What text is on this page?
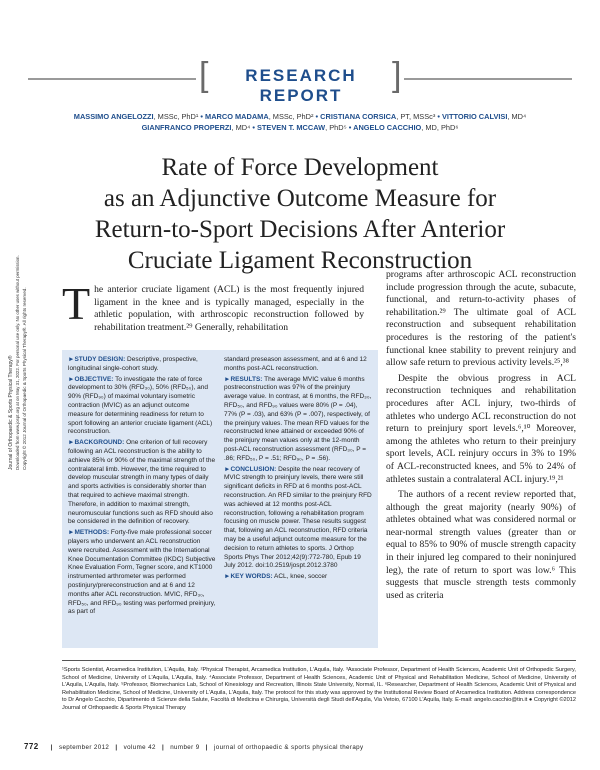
[	RESEARCH REPORT
]
MASSIMO ANGELOZZI, MSSc, PhD¹ • MARCO MADAMA, MSSc, PhD² • CRISTIANA CORSICA, PT, MSSc³ • VITTORIO CALVISI, MD⁴
GIANFRANCO PROPERZI, MD⁴ • STEVEN T. MCCAW, PhD⁵ • ANGELO CACCHIO, MD, PhD⁶
Rate of Force Development
as an Adjunctive Outcome Measure for
Return-to-Sport Decisions After Anterior
Cruciate Ligament Reconstruction
Journal of Orthopaedic & Sports Physical Therapy® Downloaded from www.jospt.org at on May 31, 2022. For personal use only. No other uses without permission. Copyright © 2012 Journal of Orthopaedic & Sports Physical Therapy®. All rights reserved. The anterior cruciate ligament (ACL) is the most frequently injured ligament in the knee and is typically managed, especially in the athletic population, with arthroscopic reconstruction followed by rehabilitation treatment.²⁹ Generally, rehabilitation

programs after arthroscopic ACL reconstruction include progression through the acute, subacute, functional, and return-to-activity phases of rehabilitation.²⁹ The ultimate goal of ACL reconstruction and subsequent rehabilitation procedures is the restoring of the patient's functional knee stability to prevent reinjury and allow safe return to previous activity levels.²⁵,³⁸

Despite the obvious progress in ACL reconstruction techniques and rehabilitation procedures after ACL injury, two-thirds of athletes who undergo ACL reconstruction do not return to preinjury sport levels.⁶,¹⁰ Moreover, among the athletes who return to their preinjury sport levels, ACL reinjury occurs in 3% to 19% of ACL-reconstructed knees, and 5% to 24% of athletes sustain a contralateral ACL injury.¹⁹,²¹

The authors of a recent review reported that, although the great majority (nearly 90%) of athletes obtained what was considered normal or near-normal strength values (greater than or equal to 85% to 90% of muscle strength capacity in their injured leg compared to their noninjured leg), the rate of return to sport was low.⁶ This suggests that muscle strength tests commonly used as criteria

►STUDY DESIGN: Descriptive, prospective, longitudinal single-cohort study.

►OBJECTIVE: To investigate the rate of force development to 30% (RFD₃₀), 50% (RFD₅₀), and 90% (RFD₉₀) of maximal voluntary isometric contraction (MVIC) as an adjunct outcome measure for determining readiness for return to sport following an anterior cruciate ligament (ACL) reconstruction.

►BACKGROUND: One criterion of full recovery following an ACL reconstruction is the ability to achieve 85% or 90% of the maximal strength of the contralateral limb. However, the time required to develop muscular strength in many types of daily and sports activities is considerably shorter than that required to achieve maximal strength. Therefore, in addition to maximal strength, neuromuscular functions such as RFD should also be considered in the definition of recovery.

►METHODS: Forty-five male professional soccer players who underwent an ACL reconstruction were recruited. Assessment with the International Knee Documentation Committee (IKDC) Subjective Knee Evaluation Form, Tegner score, and KT1000 instrumented arthrometer was performed postinjury/prereconstruction and at 6 and 12 months after ACL reconstruction. MVIC, RFD₃₀, RFD₅₀, and RFD₉₀ testing was performed preinjury, as part of

standard preseason assessment, and at 6 and 12 months post-ACL reconstruction.

►RESULTS: The average MVIC value 6 months postreconstruction was 97% of the preinjury average value. In contrast, at 6 months, the RFD₃₀, RFD₅₀, and RFD₉₀ values were 80% (P = .04), 77% (P = .03), and 63% (P = .007), respectively, of the preinjury values. The mean RFD values for the reconstructed knee attained or exceeded 90% of the preinjury mean values only at the 12-month post-ACL reconstruction assessment (RFD₃₀, P = .86; RFD₅₀, P = .51; RFD₉₀, P = .56).

►CONCLUSION: Despite the near recovery of MVIC strength to preinjury levels, there were still significant deficits in RFD at 6 months post-ACL reconstruction. An RFD similar to the preinjury RFD was achieved at 12 months post-ACL reconstruction, following a rehabilitation program focusing on muscle power. These results suggest that, following an ACL reconstruction, RFD criteria may be a useful adjunct outcome measure for the decision to return athletes to sports. J Orthop Sports Phys Ther 2012;42(9):772-780, Epub 19 July 2012. doi:10.2519/jospt.2012.3780

►KEY WORDS: ACL, knee, soccer

¹Sports Scientist, Arcamedica Institution, L'Aquila, Italy. ²Physical Therapist, Arcamedica Institution, L'Aquila, Italy. ³Associate Professor, Department of Health Sciences, Academic Unit of Orthopedic Surgery, School of Medicine, University of L'Aquila, L'Aquila, Italy. ⁴Associate Professor, Department of Health Sciences, Academic Unit of Physical and Rehabilitation Medicine, School of Medicine, University of L'Aquila, L'Aquila, Italy. ⁵Professor, Biomechanics Lab, School of Kinesiology and Recreation, Illinois State University, Normal, IL. ⁶Researcher, Department of Health Sciences, Academic Unit of Physical and Rehabilitation Medicine, School of Medicine, University of L'Aquila, L'Aquila, Italy. The protocol for this study was approved by the Institutional Review Board of Arcamedica Institution. Address correspondence to Dr Angelo Cacchio, Dipartimento di Scienze della Salute, Facoltà di Medicina e Chirurgia, Università degli Studi dell'Aquila, Via Vetoio, 67100 L'Aquila, Italy. E-mail: angelo.cacchio@tin.it ● Copyright ©2012 Journal of Orthopaedic & Sports Physical Therapy
772 | september 2012 | volume 42 | number 9 | journal of orthopaedic & sports physical therapy
